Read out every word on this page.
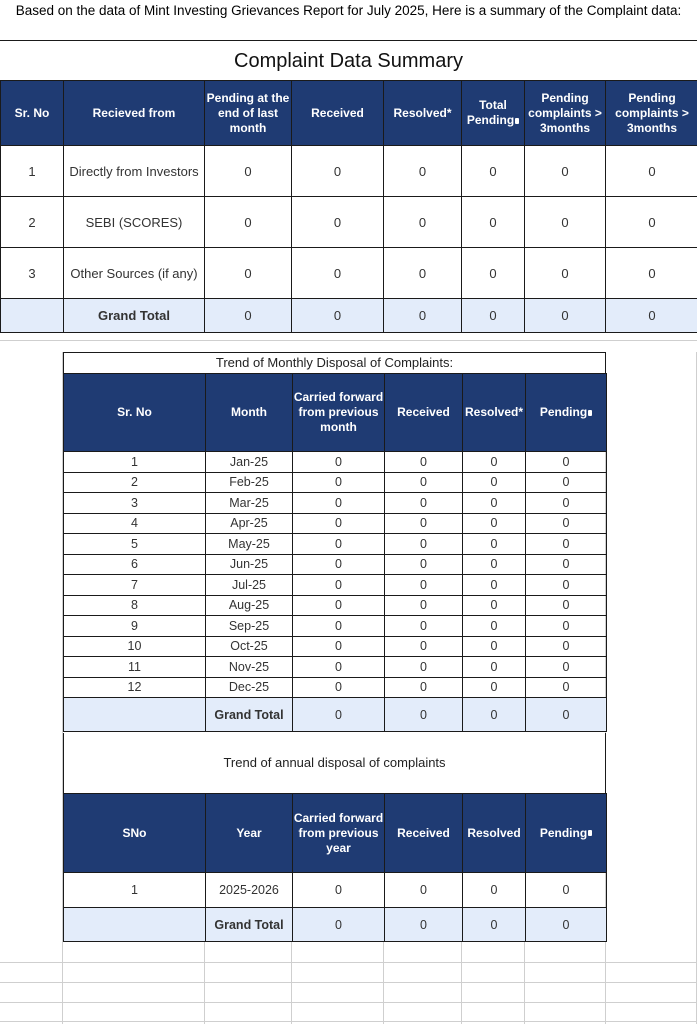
Based on the data of Mint Investing Grievances Report for July 2025, Here is a summary of the Complaint data:
Complaint Data Summary
Sr. No	Recieved from	Pending at the end of last month	Received	Resolved*	Total Pending	Pending complaints > 3months	Pending complaints > 3months
1	Directly from Investors	0	0	0	0	0	0
2	SEBI (SCORES)	0	0	0	0	0	0
3	Other Sources (if any)	0	0	0	0	0	0
	Grand Total	0	0	0	0	0	0
Trend of Monthly Disposal of Complaints:
Sr. No	Month	Carried forward from previous month	Received	Resolved*	Pending
1	Jan-25	0	0	0	0
2	Feb-25	0	0	0	0
3	Mar-25	0	0	0	0
4	Apr-25	0	0	0	0
5	May-25	0	0	0	0
6	Jun-25	0	0	0	0
7	Jul-25	0	0	0	0
8	Aug-25	0	0	0	0
9	Sep-25	0	0	0	0
10	Oct-25	0	0	0	0
11	Nov-25	0	0	0	0
12	Dec-25	0	0	0	0
	Grand Total	0	0	0	0
Trend of annual disposal of complaints
SNo	Year	Carried forward from previous year	Received	Resolved	Pending
1	2025-2026	0	0	0	0
	Grand Total	0	0	0	0
